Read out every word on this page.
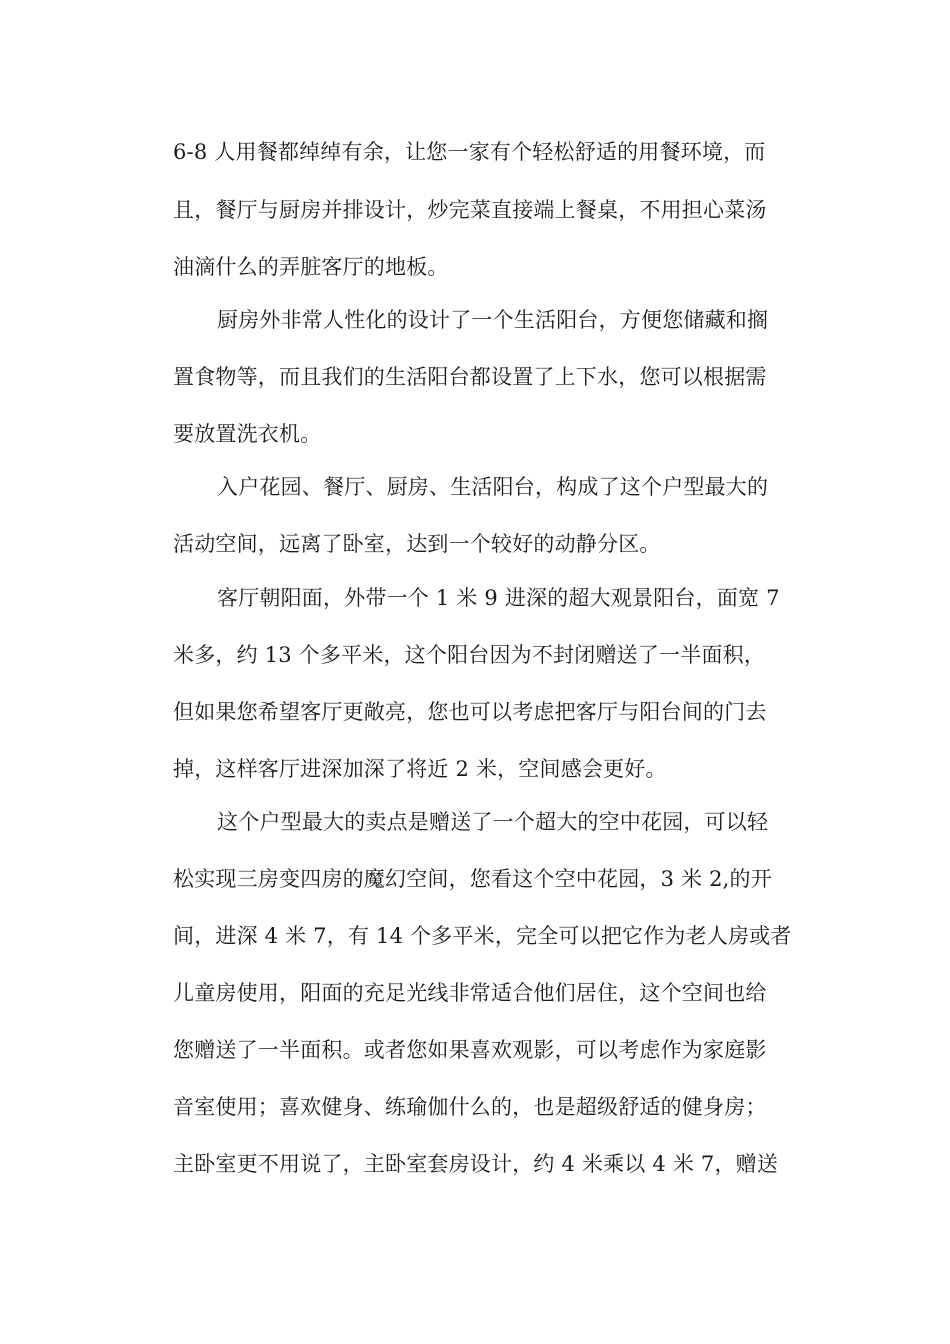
6-8 人用餐都绰绰有余，让您一家有个轻松舒适的用餐环境，而
且，餐厅与厨房并排设计，炒完菜直接端上餐桌，不用担心菜汤
油滴什么的弄脏客厅的地板。
厨房外非常人性化的设计了一个生活阳台，方便您储藏和搁
置食物等，而且我们的生活阳台都设置了上下水，您可以根据需
要放置洗衣机。
入户花园、餐厅、厨房、生活阳台，构成了这个户型最大的
活动空间，远离了卧室，达到一个较好的动静分区。
客厅朝阳面，外带一个 1 米 9 进深的超大观景阳台，面宽 7
米多，约 13 个多平米，这个阳台因为不封闭赠送了一半面积，
但如果您希望客厅更敞亮，您也可以考虑把客厅与阳台间的门去
掉，这样客厅进深加深了将近 2 米，空间感会更好。
这个户型最大的卖点是赠送了一个超大的空中花园，可以轻
松实现三房变四房的魔幻空间，您看这个空中花园，3 米 2,的开
间，进深 4 米 7，有 14 个多平米，完全可以把它作为老人房或者
儿童房使用，阳面的充足光线非常适合他们居住，这个空间也给
您赠送了一半面积。或者您如果喜欢观影，可以考虑作为家庭影
音室使用；喜欢健身、练瑜伽什么的，也是超级舒适的健身房；
主卧室更不用说了，主卧室套房设计，约 4 米乘以 4 米 7，赠送
